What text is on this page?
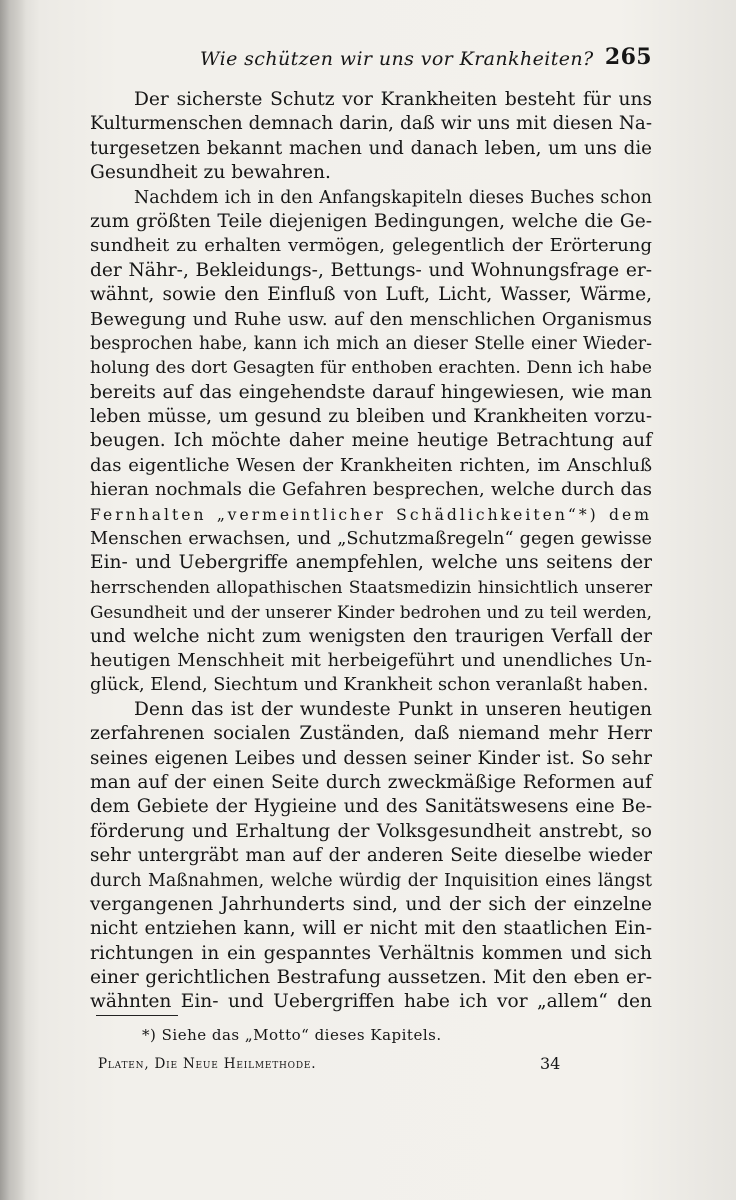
Wie schützen wir uns vor Krankheiten? 265
Der sicherste Schutz vor Krankheiten besteht für uns
Kulturmenschen demnach darin, daß wir uns mit diesen Na-
turgesetzen bekannt machen und danach leben, um uns die
Gesundheit zu bewahren.
Nachdem ich in den Anfangskapiteln dieses Buches schon
zum größten Teile diejenigen Bedingungen, welche die Ge-
sundheit zu erhalten vermögen, gelegentlich der Erörterung
der Nähr-, Bekleidungs-, Bettungs- und Wohnungsfrage er-
wähnt, sowie den Einfluß von Luft, Licht, Wasser, Wärme,
Bewegung und Ruhe usw. auf den menschlichen Organismus
besprochen habe, kann ich mich an dieser Stelle einer Wieder-
holung des dort Gesagten für enthoben erachten. Denn ich habe
bereits auf das eingehendste darauf hingewiesen, wie man
leben müsse, um gesund zu bleiben und Krankheiten vorzu-
beugen. Ich möchte daher meine heutige Betrachtung auf
das eigentliche Wesen der Krankheiten richten, im Anschluß
hieran nochmals die Gefahren besprechen, welche durch das
Fernhalten „vermeintlicher Schädlichkeiten“*) dem
Menschen erwachsen, und „Schutzmaßregeln“ gegen gewisse
Ein- und Uebergriffe anempfehlen, welche uns seitens der
herrschenden allopathischen Staatsmedizin hinsichtlich unserer
Gesundheit und der unserer Kinder bedrohen und zu teil werden,
und welche nicht zum wenigsten den traurigen Verfall der
heutigen Menschheit mit herbeigeführt und unendliches Un-
glück, Elend, Siechtum und Krankheit schon veranlaßt haben.
Denn das ist der wundeste Punkt in unseren heutigen
zerfahrenen socialen Zuständen, daß niemand mehr Herr
seines eigenen Leibes und dessen seiner Kinder ist. So sehr
man auf der einen Seite durch zweckmäßige Reformen auf
dem Gebiete der Hygieine und des Sanitätswesens eine Be-
förderung und Erhaltung der Volksgesundheit anstrebt, so
sehr untergräbt man auf der anderen Seite dieselbe wieder
durch Maßnahmen, welche würdig der Inquisition eines längst
vergangenen Jahrhunderts sind, und der sich der einzelne
nicht entziehen kann, will er nicht mit den staatlichen Ein-
richtungen in ein gespanntes Verhältnis kommen und sich
einer gerichtlichen Bestrafung aussetzen. Mit den eben er-
wähnten Ein- und Uebergriffen habe ich vor „allem“ den
*) Siehe das „Motto“ dieses Kapitels.
Platen, Die Neue Heilmethode.	34
